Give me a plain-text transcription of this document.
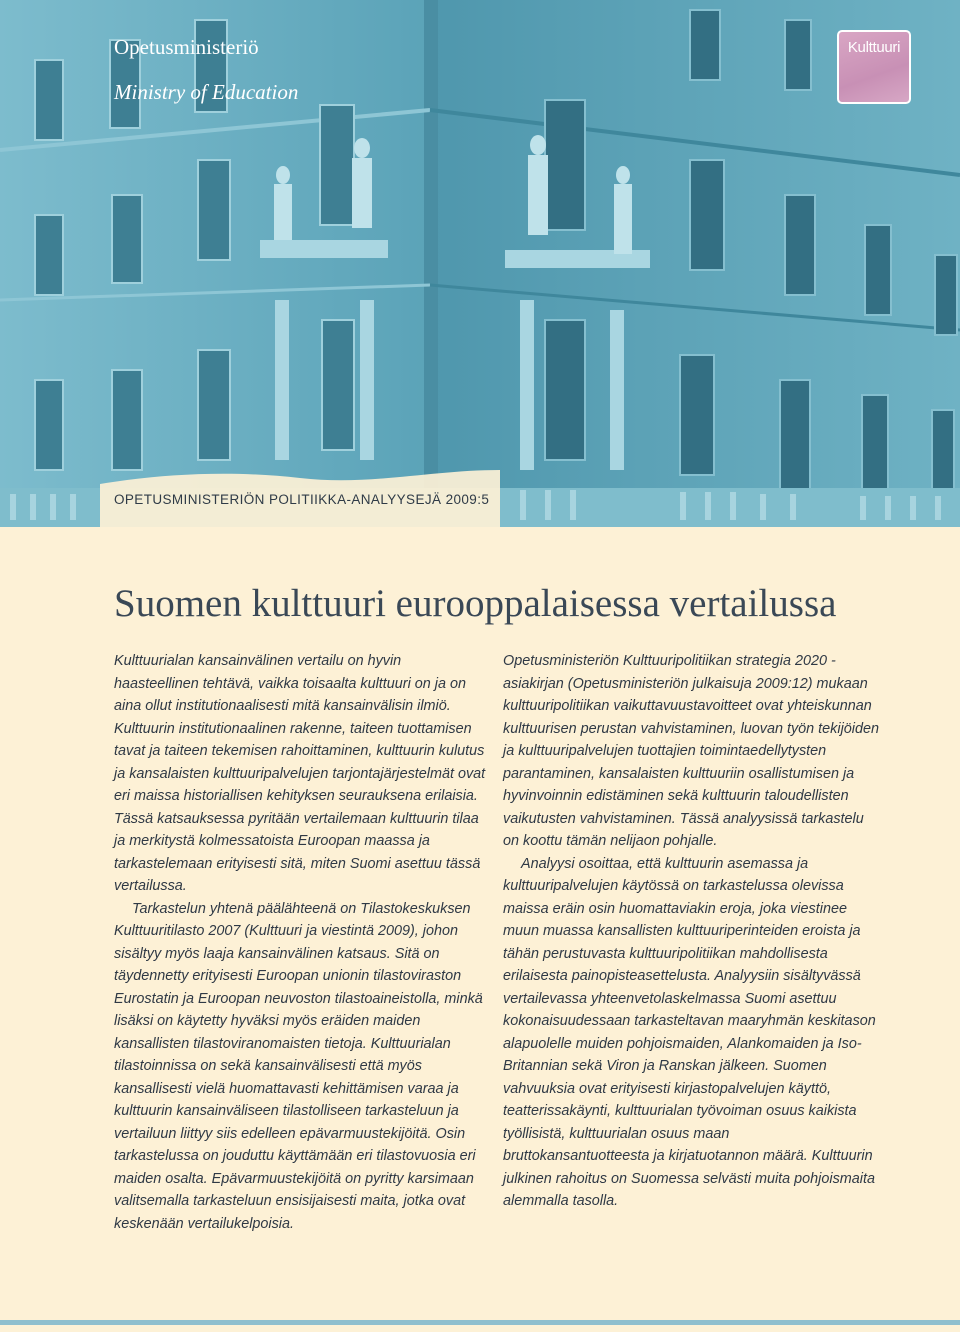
Opetusministeriö
Ministry of Education
Kulttuuri
OPETUSMINISTERIÖN POLITIIKKA-ANALYYSEJÄ 2009:5
Suomen kulttuuri eurooppalaisessa vertailussa

Kulttuurialan kansainvälinen vertailu on hyvin haasteellinen tehtävä, vaikka toisaalta kulttuuri on ja on aina ollut institutionaalisesti mitä kansainvälisin ilmiö. Kulttuurin institutionaalinen rakenne, taiteen tuottamisen tavat ja taiteen tekemisen rahoittaminen, kulttuurin kulutus ja kansalaisten kulttuuripalvelujen tarjontajärjestelmät ovat eri maissa historiallisen kehityksen seurauksena erilaisia. Tässä katsauksessa pyritään vertailemaan kulttuurin tilaa ja merkitystä kolmessatoista Euroopan maassa ja tarkastelemaan erityisesti sitä, miten Suomi asettuu tässä vertailussa.

Tarkastelun yhtenä päälähteenä on Tilastokeskuksen Kulttuuritilasto 2007 (Kulttuuri ja viestintä 2009), johon sisältyy myös laaja kansainvälinen katsaus. Sitä on täydennetty erityisesti Euroopan unionin tilastoviraston Eurostatin ja Euroopan neuvoston tilastoaineistolla, minkä lisäksi on käytetty hyväksi myös eräiden maiden kansallisten tilastoviranomaisten tietoja. Kulttuurialan tilastoinnissa on sekä kansainvälisesti että myös kansallisesti vielä huomattavasti kehittämisen varaa ja kulttuurin kansainväliseen tilastolliseen tarkasteluun ja vertailuun liittyy siis edelleen epävarmuustekijöitä. Osin tarkastelussa on jouduttu käyttämään eri tilastovuosia eri maiden osalta. Epävarmuustekijöitä on pyritty karsimaan valitsemalla tarkasteluun ensisijaisesti maita, jotka ovat keskenään vertailukelpoisia.

Opetusministeriön Kulttuuripolitiikan strategia 2020 -asiakirjan (Opetusministeriön julkaisuja 2009:12) mukaan kulttuuripolitiikan vaikuttavuustavoitteet ovat yhteiskunnan kulttuurisen perustan vahvistaminen, luovan työn tekijöiden ja kulttuuripalvelujen tuottajien toimintaedellytysten parantaminen, kansalaisten kulttuuriin osallistumisen ja hyvinvoinnin edistäminen sekä kulttuurin taloudellisten vaikutusten vahvistaminen. Tässä analyysissä tarkastelu on koottu tämän nelijaon pohjalle.

Analyysi osoittaa, että kulttuurin asemassa ja kulttuuripalvelujen käytössä on tarkastelussa olevissa maissa eräin osin huomattaviakin eroja, joka viestinee muun muassa kansallisten kulttuuriperinteiden eroista ja tähän perustuvasta kulttuuripolitiikan mahdollisesta erilaisesta painopisteasettelusta. Analyysiin sisältyvässä vertailevassa yhteenvetolaskelmassa Suomi asettuu kokonaisuudessaan tarkasteltavan maaryhmän keskitason alapuolelle muiden pohjoismaiden, Alankomaiden ja Iso-Britannian sekä Viron ja Ranskan jälkeen. Suomen vahvuuksia ovat erityisesti kirjastopalvelujen käyttö, teatterissakäynti, kulttuurialan työvoiman osuus kaikista työllisistä, kulttuurialan osuus maan bruttokansantuotteesta ja kirjatuotannon määrä. Kulttuurin julkinen rahoitus on Suomessa selvästi muita pohjoismaita alemmalla tasolla.
